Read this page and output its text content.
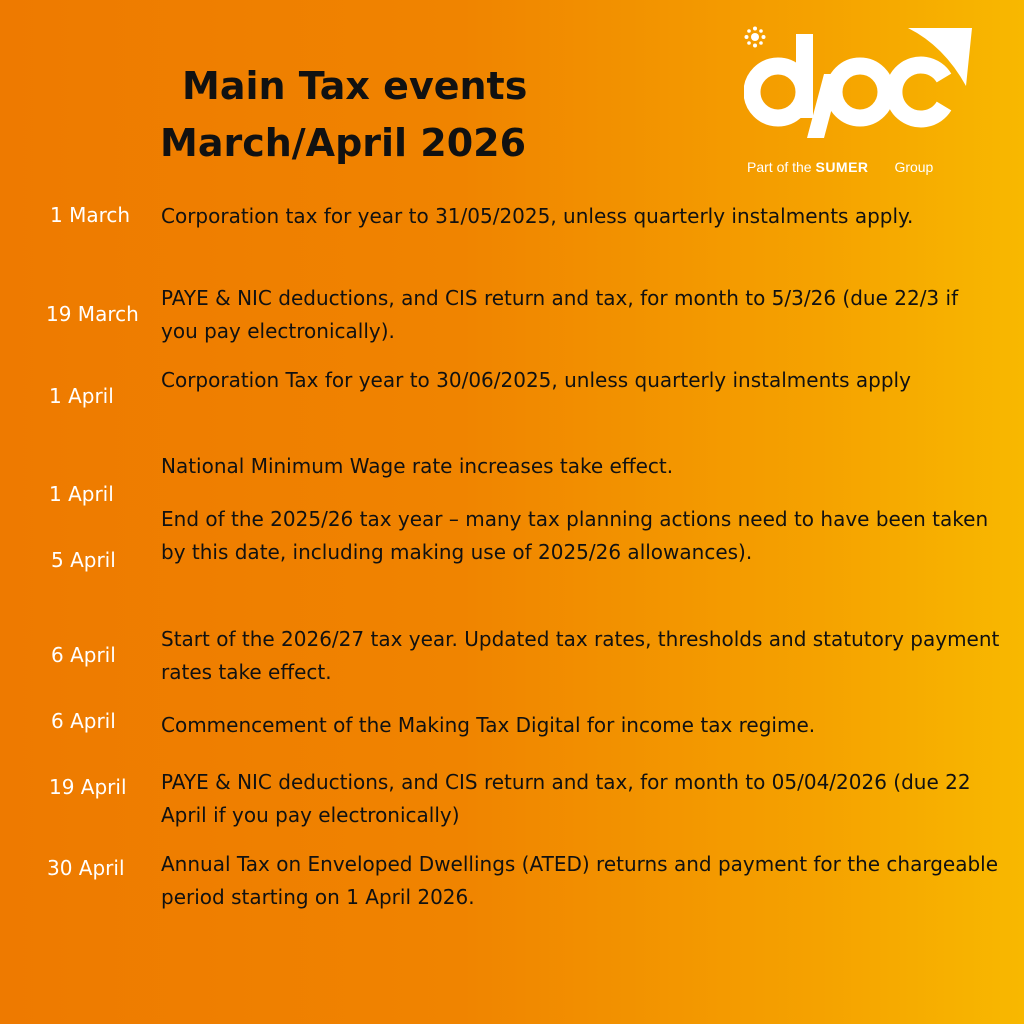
Main Tax events
March/April 2026
Part of the SUMER Group
1 March
19 March
1 April
1 April
5 April
6 April
6 April
19 April
30 April

Corporation tax for year to 31/05/2025, unless quarterly instalments apply.

PAYE & NIC deductions, and CIS return and tax, for month to 5/3/26 (due 22/3 if you pay electronically).

Corporation Tax for year to 30/06/2025, unless quarterly instalments apply

National Minimum Wage rate increases take effect.

End of the 2025/26 tax year – many tax planning actions need to have been taken by this date, including making use of 2025/26 allowances).

Start of the 2026/27 tax year. Updated tax rates, thresholds and statutory payment rates take effect.

Commencement of the Making Tax Digital for income tax regime.

PAYE & NIC deductions, and CIS return and tax, for month to 05/04/2026 (due 22 April if you pay electronically)

Annual Tax on Enveloped Dwellings (ATED) returns and payment for the chargeable period starting on 1 April 2026.
